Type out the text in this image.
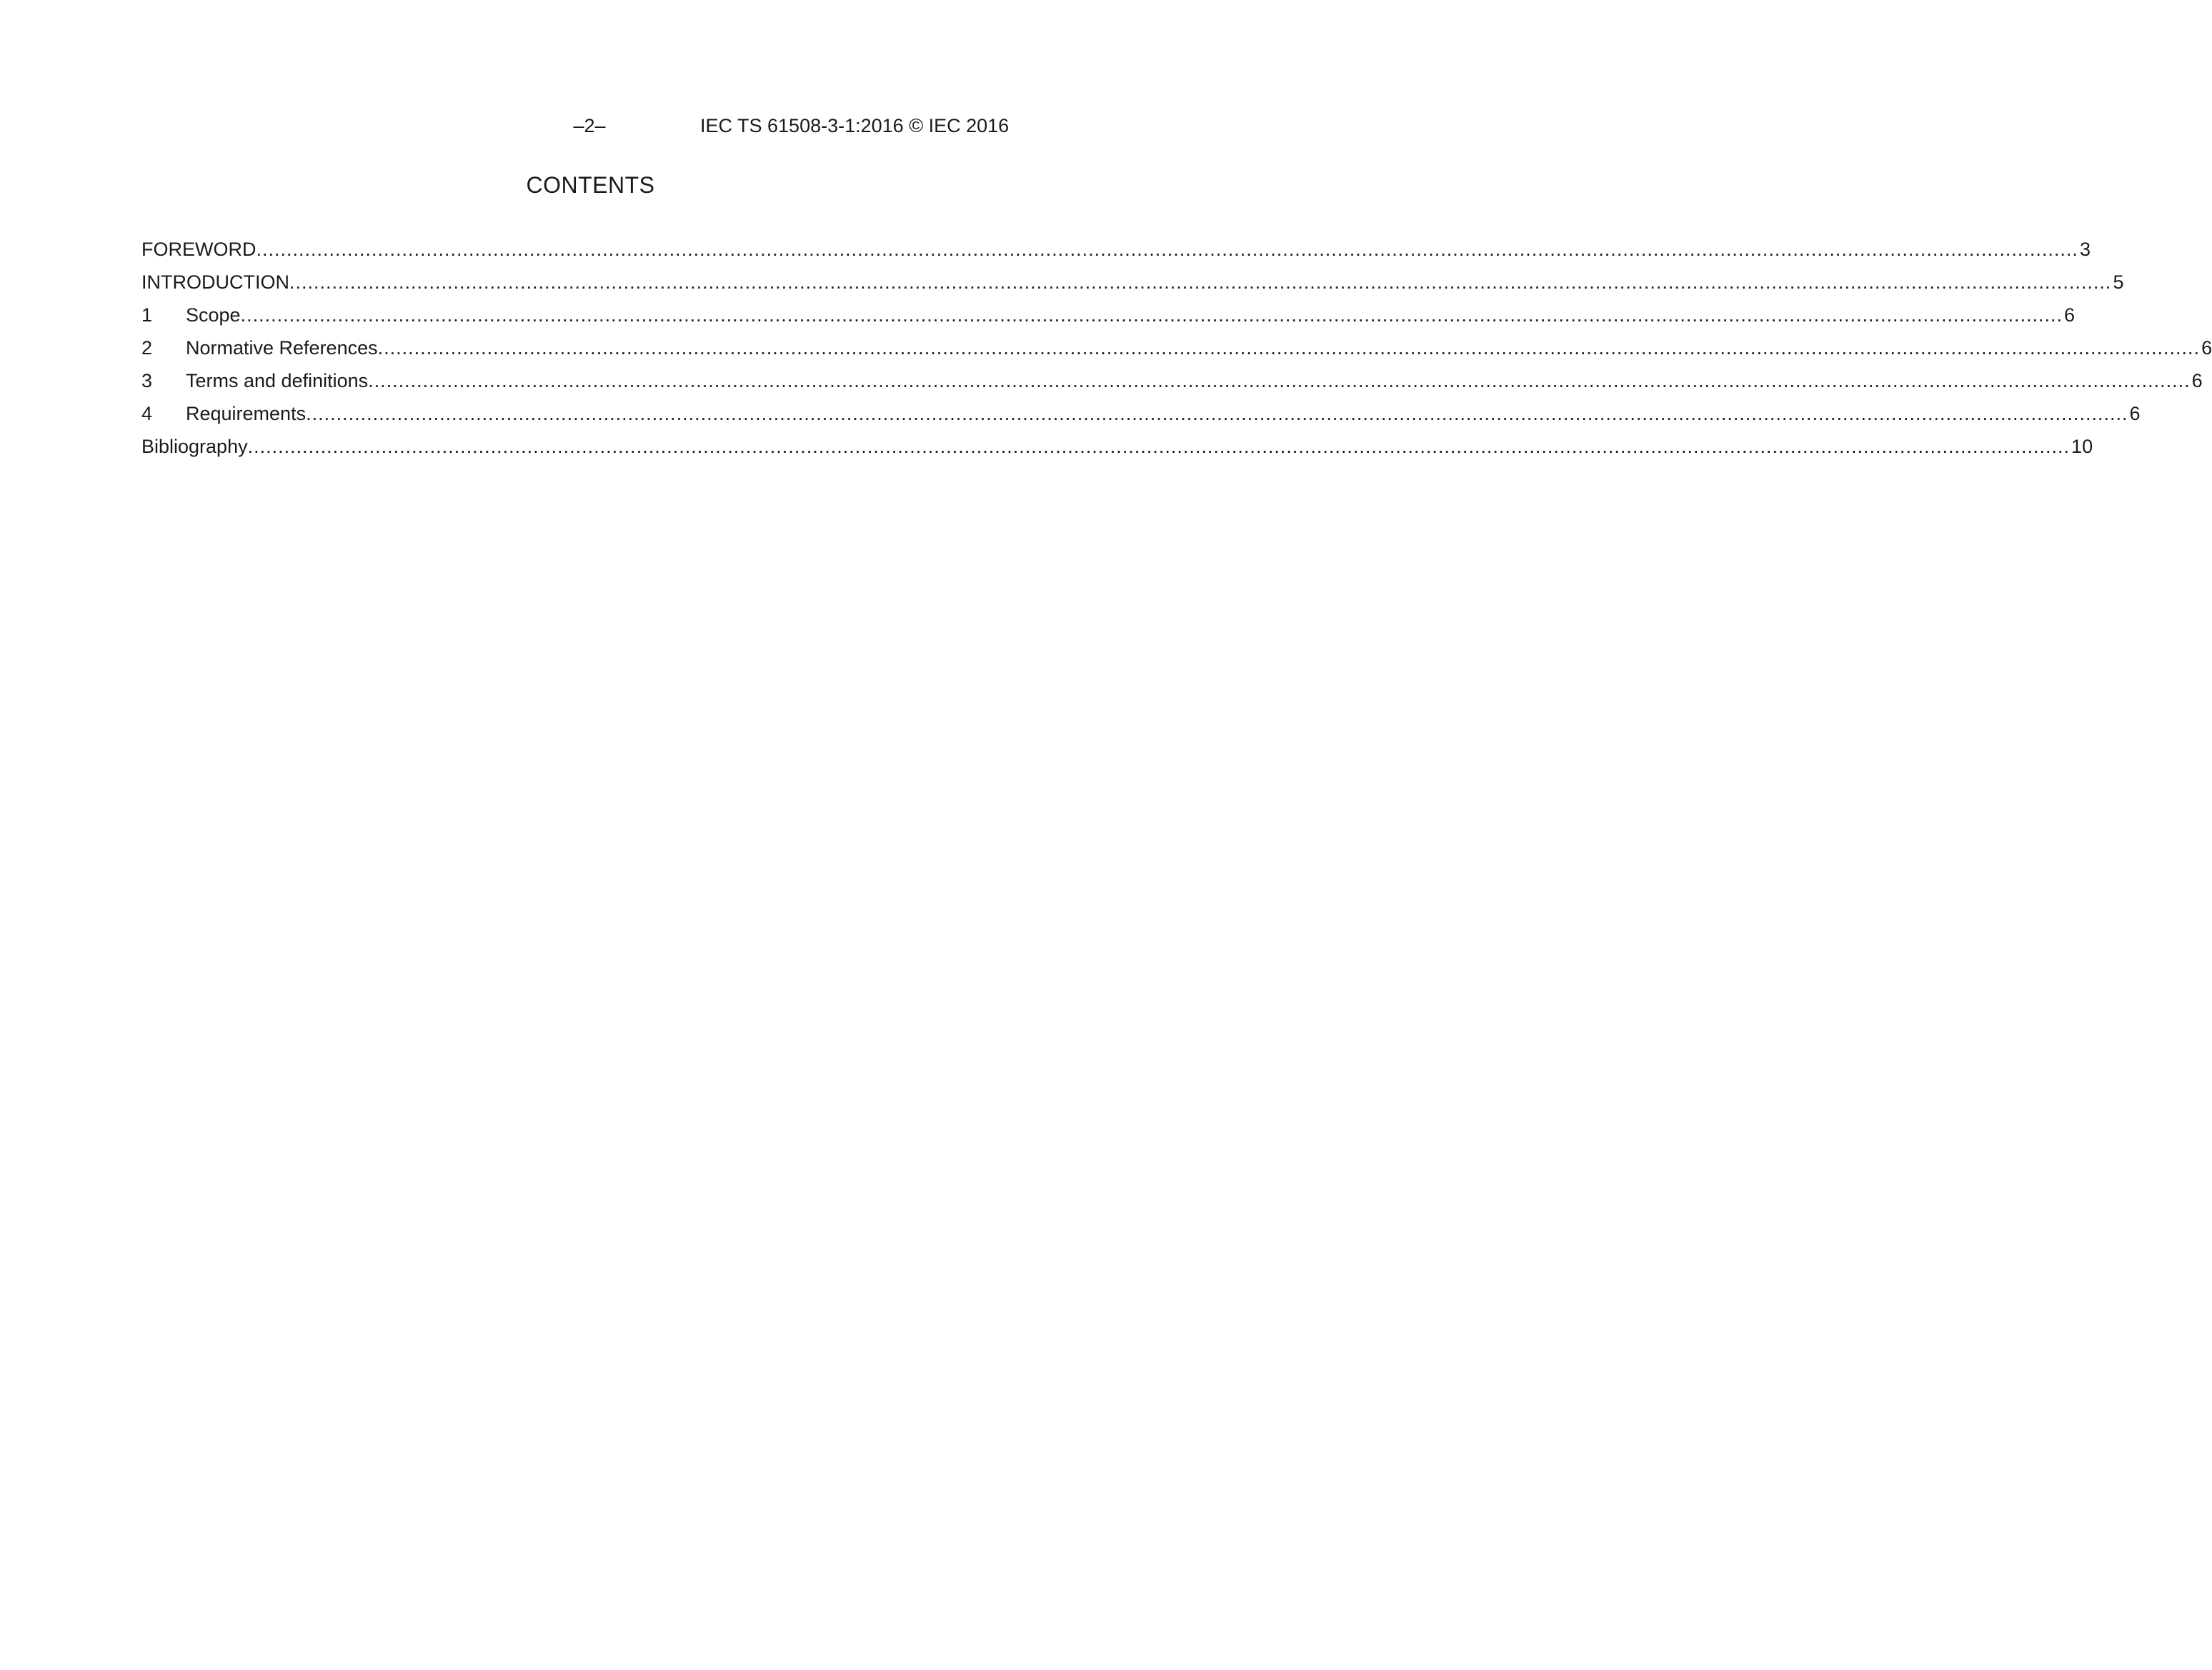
–2–	IEC TS 61508-3-1:2016 © IEC 2016
CONTENTS
FOREWORD ............................................................................................................................................................................................................................................................................................................ 3
INTRODUCTION ............................................................................................................................................................................................................................................................................................................ 5
1	Scope ............................................................................................................................................................................................................................................................................................................ 6
2	Normative References ............................................................................................................................................................................................................................................................................................................ 6
3	Terms and definitions ............................................................................................................................................................................................................................................................................................................ 6
4	Requirements ............................................................................................................................................................................................................................................................................................................ 6
Bibliography ............................................................................................................................................................................................................................................................................................................ 10
